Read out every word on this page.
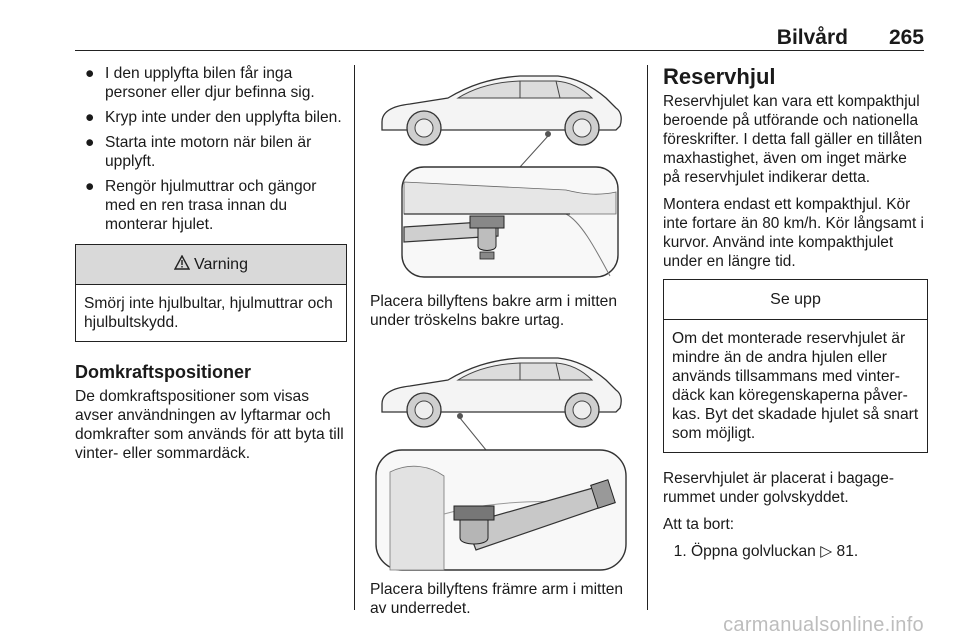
Bilvård 265
● I den upplyfta bilen får inga personer eller djur befinna sig.
● Kryp inte under den upplyfta bilen.
● Starta inte motorn när bilen är upplyft.
● Rengör hjulmuttrar och gängor med en ren trasa innan du monterar hjulet.
Varning
Smörj inte hjulbultar, hjulmuttrar och hjulbultskydd.
Domkraftspositioner

De domkraftspositioner som visas avser användningen av lyftarmar och domkrafter som används för att byta till vinter- eller sommardäck.

Placera billyftens bakre arm i mitten under tröskelns bakre urtag.
Placera billyftens främre arm i mitten av underredet.
Reservhjul

Reservhjulet kan vara ett kompakthjul beroende på utförande och nationella föreskrifter. I detta fall gäller en tillåten maxhastighet, även om inget märke på reservhjulet indikerar detta.

Montera endast ett kompakthjul. Kör inte fortare än 80 km/h. Kör långsamt i kurvor. Använd inte kompakthjulet under en längre tid.

Se upp
Om det monterade reservhjulet är mindre än de andra hjulen eller används tillsammans med vinterdäck kan köregenskaperna påverkas. Byt det skadade hjulet så snart som möjligt.

Reservhjulet är placerat i bagagerummet under golvskyddet.

Att ta bort:

1. Öppna golvluckan ▷ 81.
carmanualsonline.info
